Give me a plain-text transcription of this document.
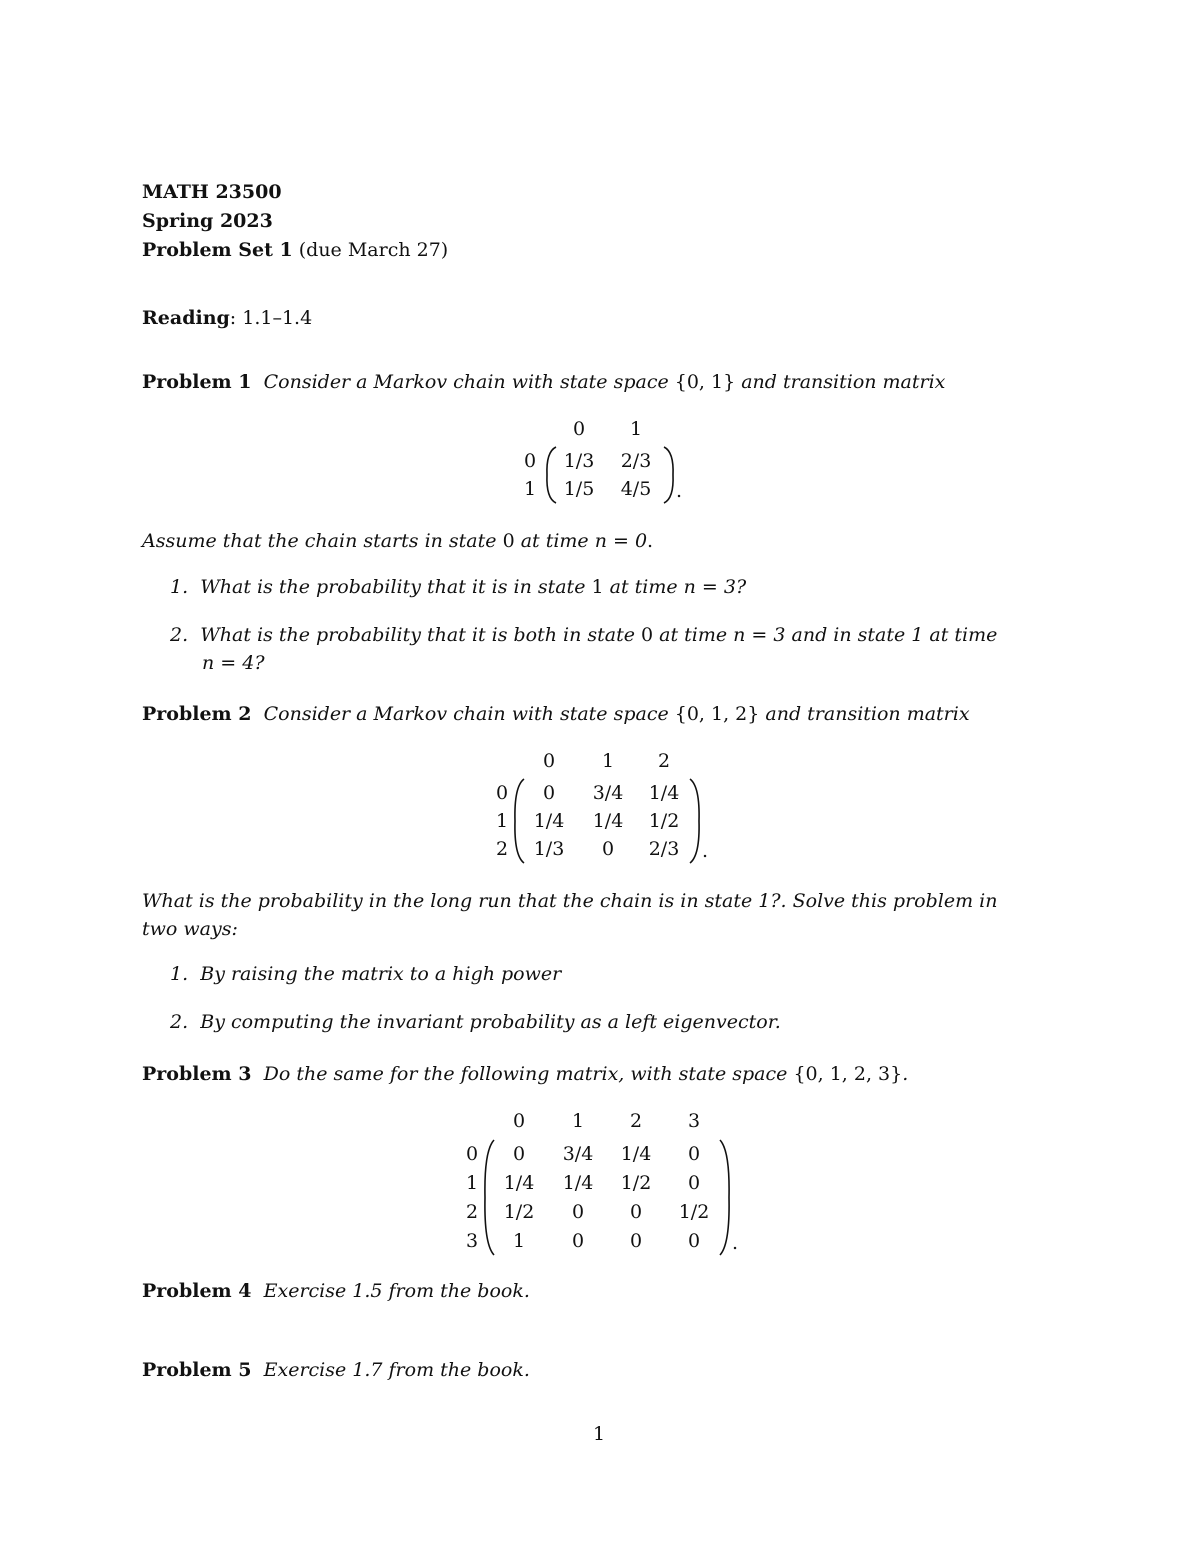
MATH 23500
Spring 2023
Problem Set 1 (due March 27)
Reading: 1.1–1.4
Problem 1 Consider a Markov chain with state space {0, 1} and transition matrix
0 1
0
1
1/3 2/3
1/5 4/5 .
Assume that the chain starts in state 0 at time n = 0.
1. What is the probability that it is in state 1 at time n = 3?
2. What is the probability that it is both in state 0 at time n = 3 and in state 1 at time
n = 4?
Problem 2 Consider a Markov chain with state space {0, 1, 2} and transition matrix
0 1 2
0
1
2
0 3/4 1/4
1/4 1/4 1/2
1/3 0 2/3 .
What is the probability in the long run that the chain is in state 1?. Solve this problem in
two ways:
1. By raising the matrix to a high power
2. By computing the invariant probability as a left eigenvector.
Problem 3 Do the same for the following matrix, with state space {0, 1, 2, 3}.
0 1 2 3
0
1
2
3
0 3/4 1/4 0
1/4 1/4 1/2 0
1/2 0 0 1/2
1 0 0 0 .
Problem 4 Exercise 1.5 from the book.
Problem 5 Exercise 1.7 from the book.
1
